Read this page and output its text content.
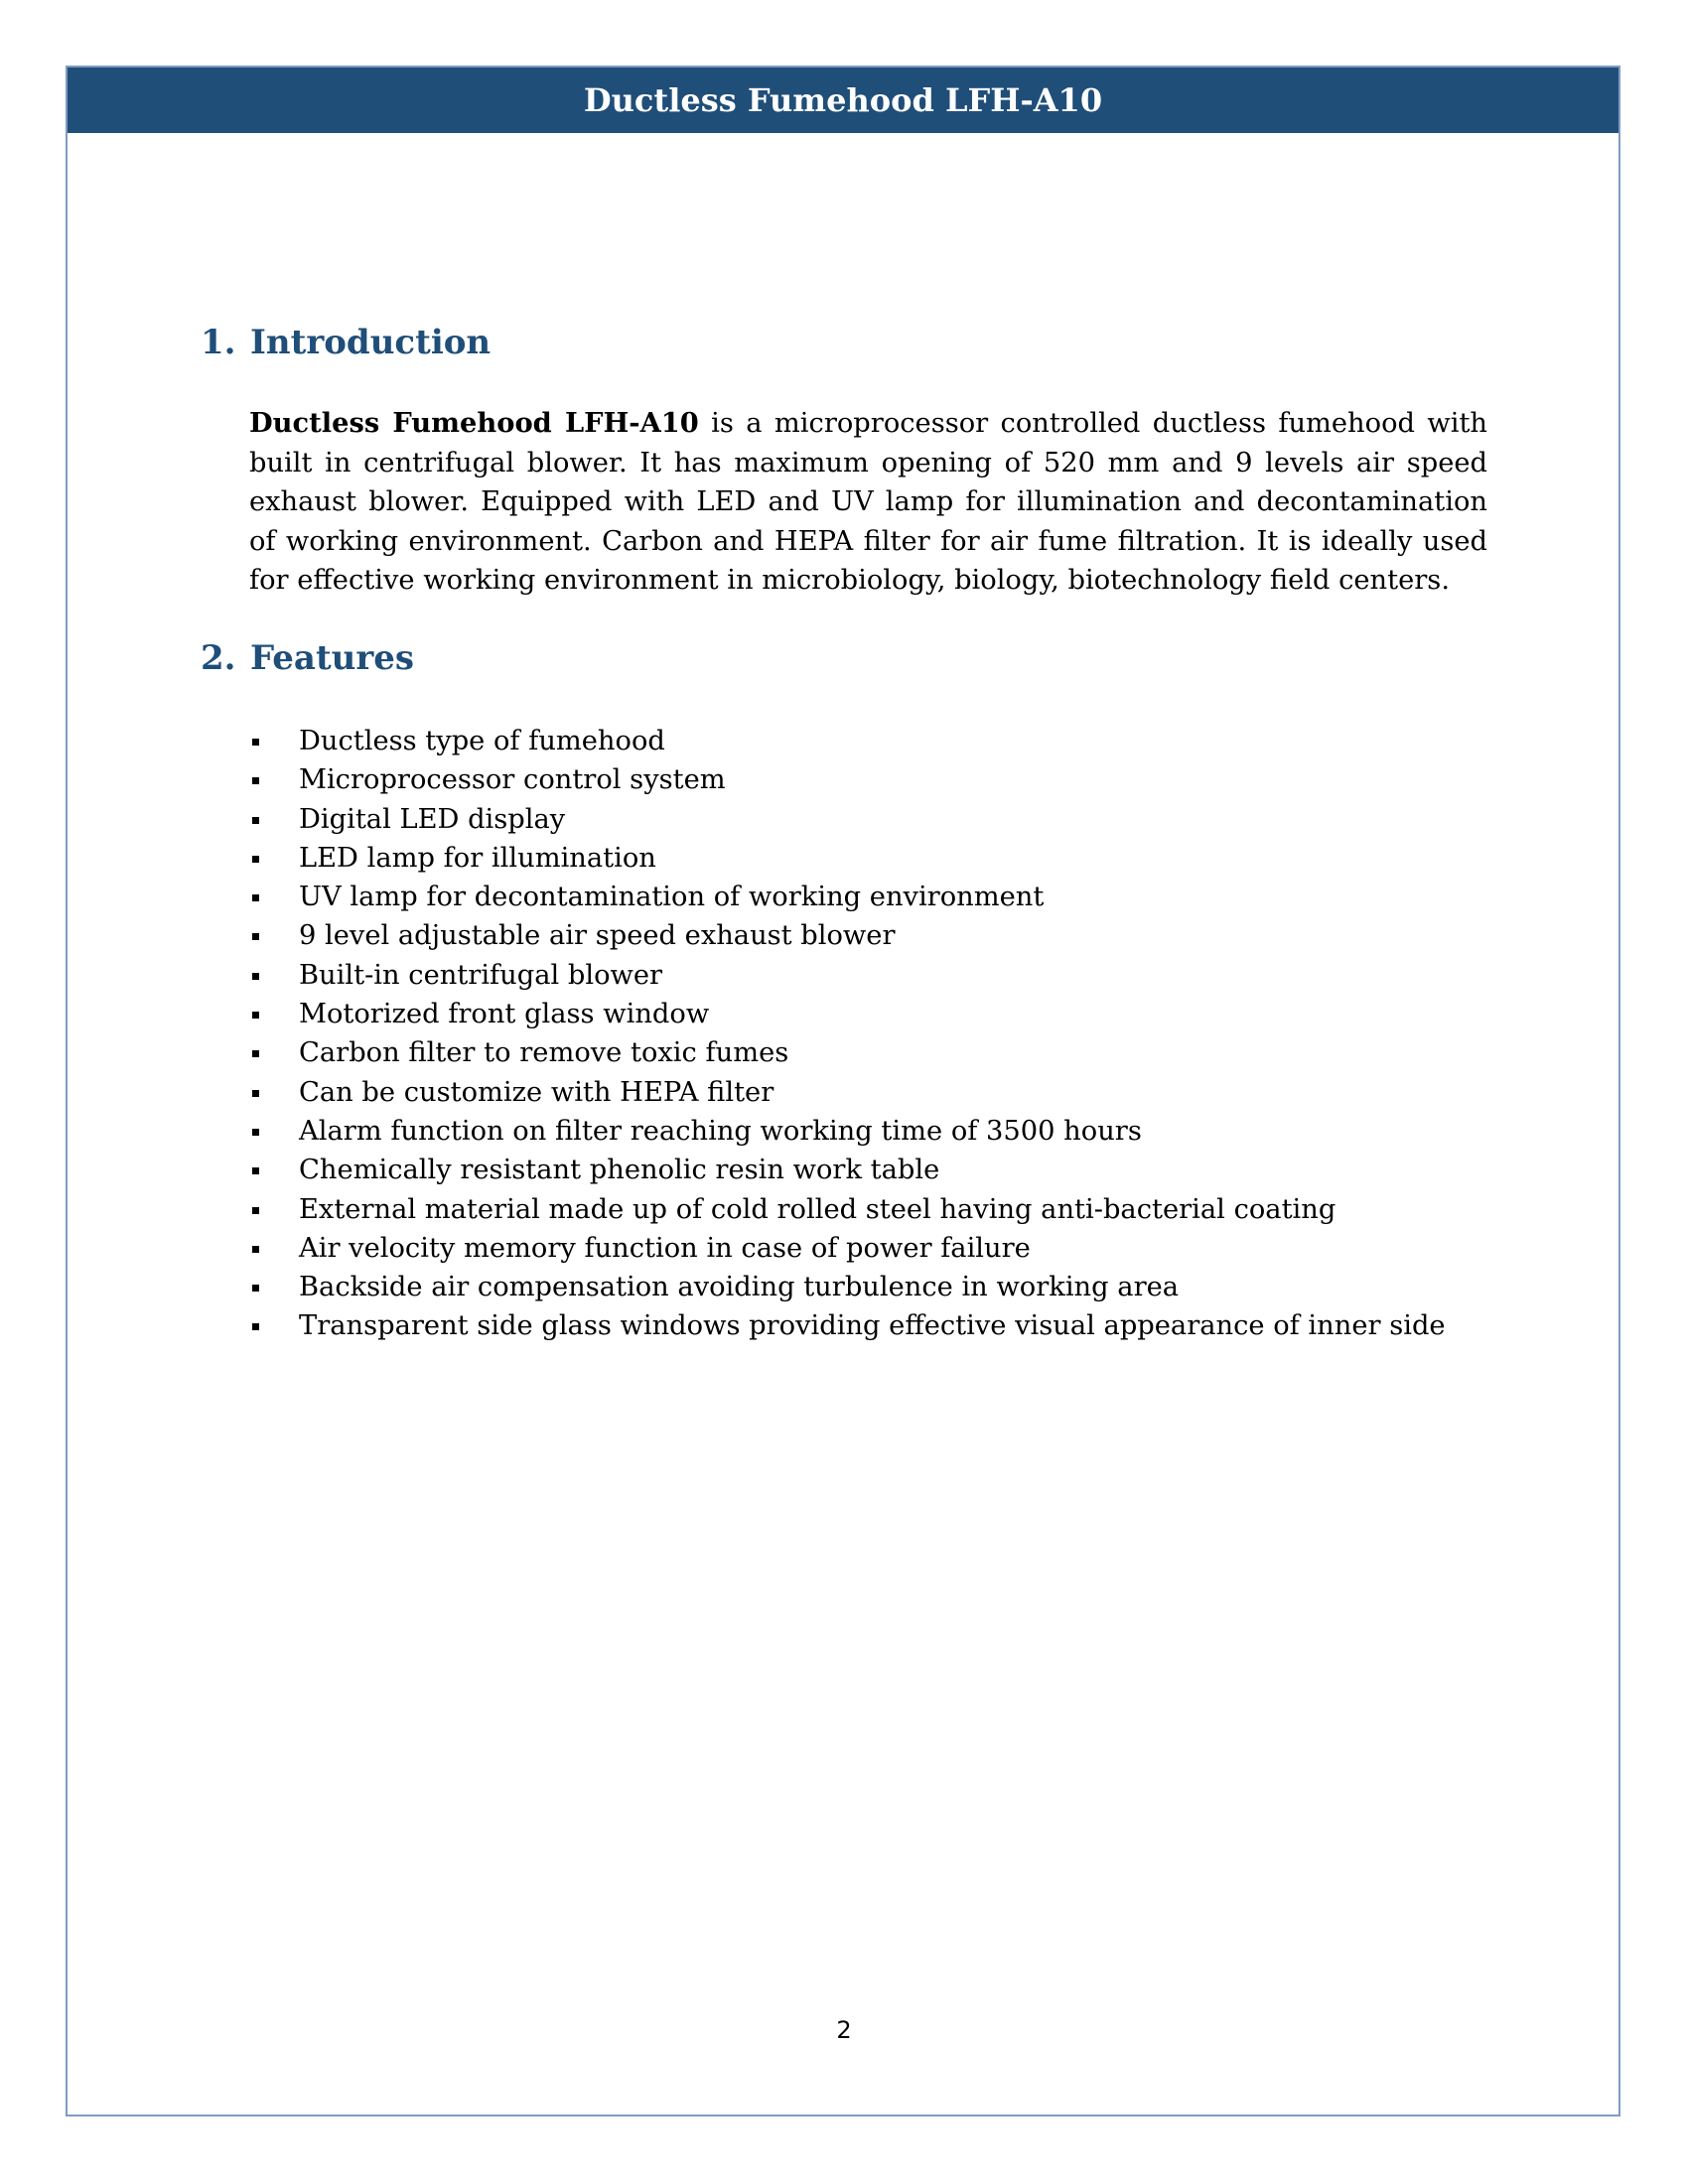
Ductless Fumehood LFH-A10
1. Introduction
Ductless Fumehood LFH-A10 is a microprocessor controlled ductless fumehood with
built in centrifugal blower. It has maximum opening of 520 mm and 9 levels air speed
exhaust blower. Equipped with LED and UV lamp for illumination and decontamination
of working environment. Carbon and HEPA filter for air fume filtration. It is ideally used
for effective working environment in microbiology, biology, biotechnology field centers.
2. Features
Ductless type of fumehood
Microprocessor control system
Digital LED display
LED lamp for illumination
UV lamp for decontamination of working environment
9 level adjustable air speed exhaust blower
Built-in centrifugal blower
Motorized front glass window
Carbon filter to remove toxic fumes
Can be customize with HEPA filter
Alarm function on filter reaching working time of 3500 hours
Chemically resistant phenolic resin work table
External material made up of cold rolled steel having anti-bacterial coating
Air velocity memory function in case of power failure
Backside air compensation avoiding turbulence in working area
Transparent side glass windows providing effective visual appearance of inner side
2
